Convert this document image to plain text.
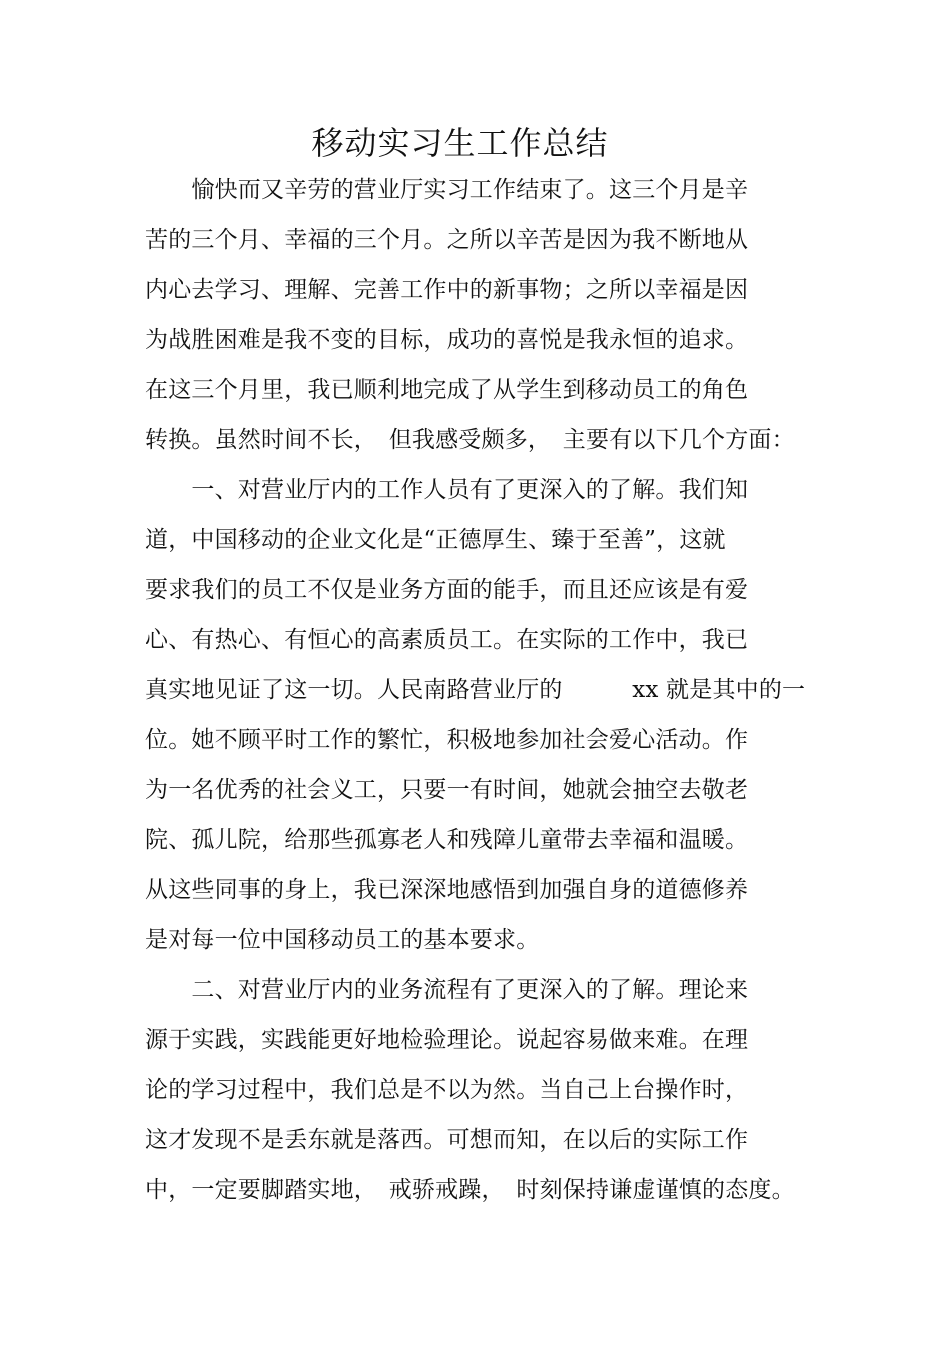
移动实习生工作总结
　　愉快而又辛劳的营业厅实习工作结束了。这三个月是辛
苦的三个月、幸福的三个月。之所以辛苦是因为我不断地从
内心去学习、理解、完善工作中的新事物；之所以幸福是因
为战胜困难是我不变的目标，成功的喜悦是我永恒的追求。
在这三个月里，我已顺利地完成了从学生到移动员工的角色
转换。虽然时间不长，　但我感受颇多，　主要有以下几个方面：
　　一、对营业厅内的工作人员有了更深入的了解。我们知
道，中国移动的企业文化是“正德厚生、臻于至善”，这就
要求我们的员工不仅是业务方面的能手，而且还应该是有爱
心、有热心、有恒心的高素质员工。在实际的工作中，我已
真实地见证了这一切。人民南路营业厅的　　　xx 就是其中的一
位。她不顾平时工作的繁忙，积极地参加社会爱心活动。作
为一名优秀的社会义工，只要一有时间，她就会抽空去敬老
院、孤儿院，给那些孤寡老人和残障儿童带去幸福和温暖。
从这些同事的身上，我已深深地感悟到加强自身的道德修养
是对每一位中国移动员工的基本要求。
　　二、对营业厅内的业务流程有了更深入的了解。理论来
源于实践，实践能更好地检验理论。说起容易做来难。在理
论的学习过程中，我们总是不以为然。当自己上台操作时，
这才发现不是丢东就是落西。可想而知，在以后的实际工作
中，一定要脚踏实地，　戒骄戒躁，　时刻保持谦虚谨慎的态度。
